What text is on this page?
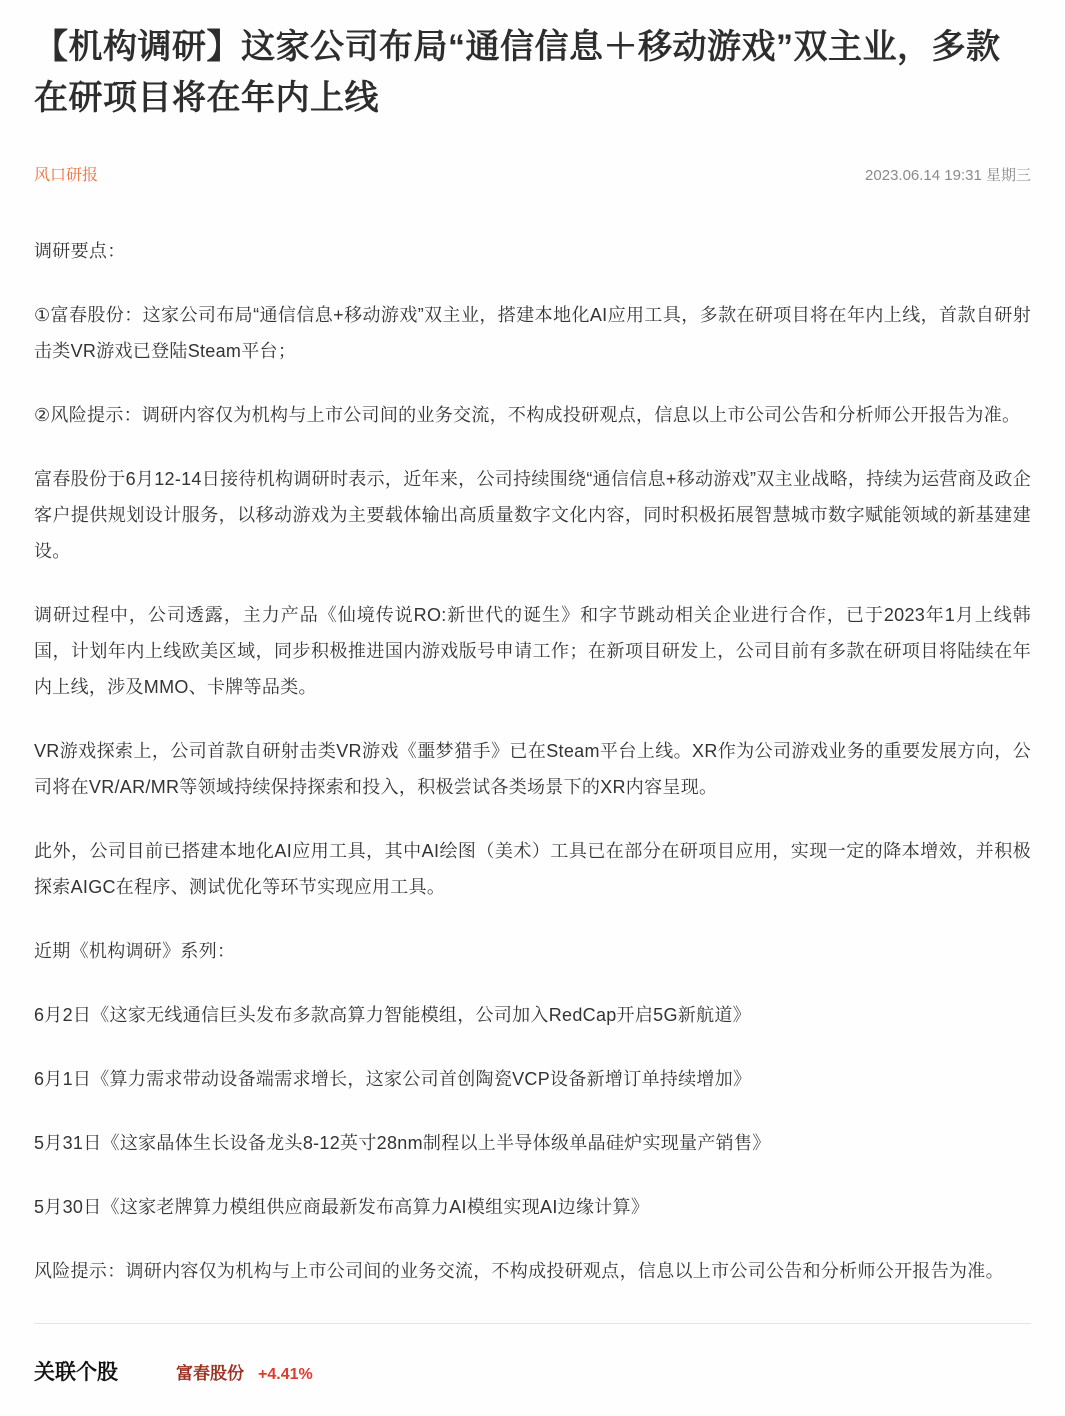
【机构调研】这家公司布局“通信信息＋移动游戏”双主业，多款在研项目将在年内上线
风口研报	2023.06.14 19:31 星期三

调研要点：

①富春股份：这家公司布局“通信信息+移动游戏”双主业，搭建本地化AI应用工具，多款在研项目将在年内上线，首款自研射击类VR游戏已登陆Steam平台；

②风险提示：调研内容仅为机构与上市公司间的业务交流，不构成投研观点，信息以上市公司公告和分析师公开报告为准。

富春股份于6月12-14日接待机构调研时表示，近年来，公司持续围绕“通信信息+移动游戏”双主业战略，持续为运营商及政企客户提供规划设计服务，以移动游戏为主要载体输出高质量数字文化内容，同时积极拓展智慧城市数字赋能领域的新基建建设。

调研过程中，公司透露，主力产品《仙境传说RO:新世代的诞生》和字节跳动相关企业进行合作，已于2023年1月上线韩国，计划年内上线欧美区域，同步积极推进国内游戏版号申请工作；在新项目研发上，公司目前有多款在研项目将陆续在年内上线，涉及MMO、卡牌等品类。

VR游戏探索上，公司首款自研射击类VR游戏《噩梦猎手》已在Steam平台上线。XR作为公司游戏业务的重要发展方向，公司将在VR/AR/MR等领域持续保持探索和投入，积极尝试各类场景下的XR内容呈现。

此外，公司目前已搭建本地化AI应用工具，其中AI绘图（美术）工具已在部分在研项目应用，实现一定的降本增效，并积极探索AIGC在程序、测试优化等环节实现应用工具。

近期《机构调研》系列：

6月2日《这家无线通信巨头发布多款高算力智能模组，公司加入RedCap开启5G新航道》

6月1日《算力需求带动设备端需求增长，这家公司首创陶瓷VCP设备新增订单持续增加》

5月31日《这家晶体生长设备龙头8-12英寸28nm制程以上半导体级单晶硅炉实现量产销售》

5月30日《这家老牌算力模组供应商最新发布高算力AI模组实现AI边缘计算》

风险提示：调研内容仅为机构与上市公司间的业务交流，不构成投研观点，信息以上市公司公告和分析师公开报告为准。

关联个股	富春股份 +4.41%
